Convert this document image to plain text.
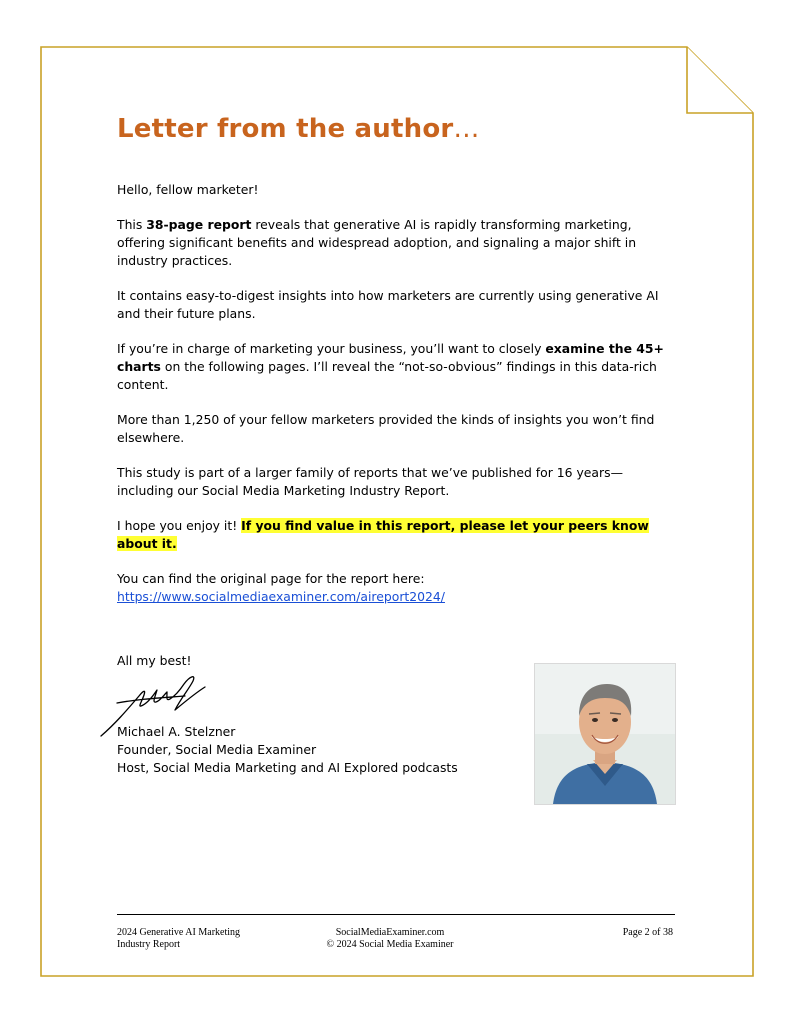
Letter from the author…

Hello, fellow marketer!

This 38-page report reveals that generative AI is rapidly transforming marketing, offering significant benefits and widespread adoption, and signaling a major shift in industry practices.

It contains easy-to-digest insights into how marketers are currently using generative AI and their future plans.

If you’re in charge of marketing your business, you’ll want to closely examine the 45+ charts on the following pages. I’ll reveal the “not-so-obvious” findings in this data-rich content.

More than 1,250 of your fellow marketers provided the kinds of insights you won’t find elsewhere.

This study is part of a larger family of reports that we’ve published for 16 years—including our Social Media Marketing Industry Report.

I hope you enjoy it! If you find value in this report, please let your peers know about it.

You can find the original page for the report here:
https://www.socialmediaexaminer.com/aireport2024/

All my best!
Michael A. Stelzner
Founder, Social Media Examiner
Host, Social Media Marketing and AI Explored podcasts
2024 Generative AI Marketing
Industry Report
SocialMediaExaminer.com
© 2024 Social Media Examiner
Page 2 of 38
